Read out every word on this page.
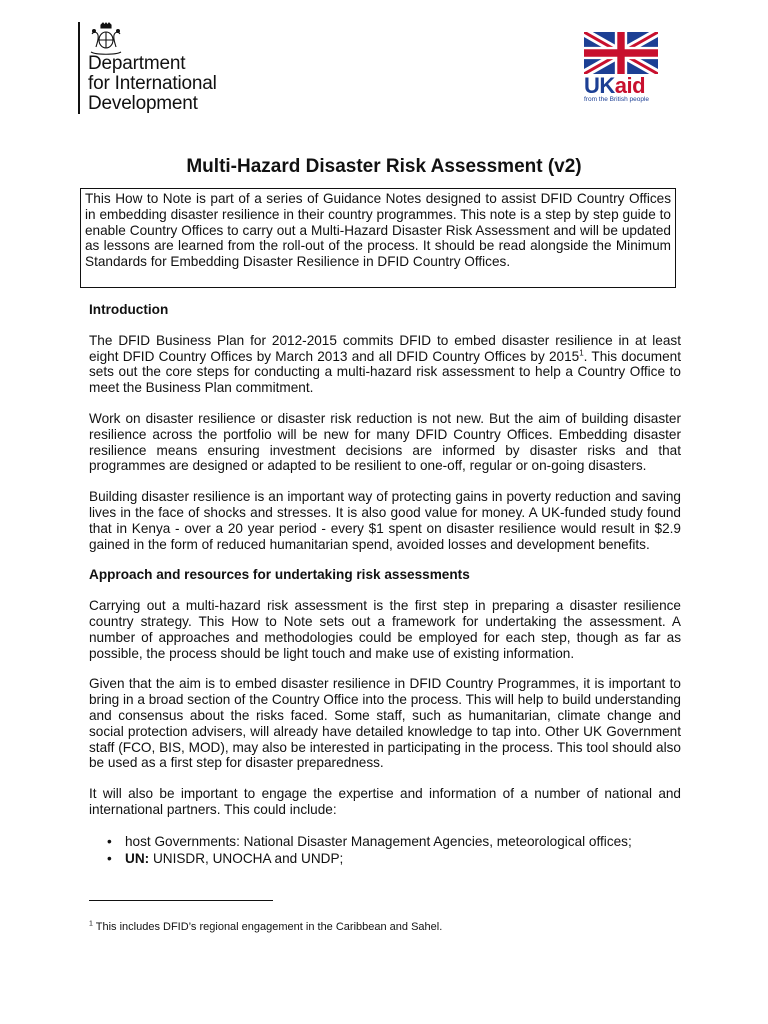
Department
for International
Development
UKaid
from the British people
Multi-Hazard Disaster Risk Assessment (v2)
This How to Note is part of a series of Guidance Notes designed to assist DFID Country Offices in embedding disaster resilience in their country programmes. This note is a step by step guide to enable Country Offices to carry out a Multi-Hazard Disaster Risk Assessment and will be updated as lessons are learned from the roll-out of the process. It should be read alongside the Minimum Standards for Embedding Disaster Resilience in DFID Country Offices.
Introduction

The DFID Business Plan for 2012-2015 commits DFID to embed disaster resilience in at least eight DFID Country Offices by March 2013 and all DFID Country Offices by 2015$^1$. This document sets out the core steps for conducting a multi-hazard risk assessment to help a Country Office to meet the Business Plan commitment.

Work on disaster resilience or disaster risk reduction is not new. But the aim of building disaster resilience across the portfolio will be new for many DFID Country Offices. Embedding disaster resilience means ensuring investment decisions are informed by disaster risks and that programmes are designed or adapted to be resilient to one-off, regular or on-going disasters.

Building disaster resilience is an important way of protecting gains in poverty reduction and saving lives in the face of shocks and stresses. It is also good value for money. A UK-funded study found that in Kenya - over a 20 year period - every $1 spent on disaster resilience would result in $2.9 gained in the form of reduced humanitarian spend, avoided losses and development benefits.

Approach and resources for undertaking risk assessments

Carrying out a multi-hazard risk assessment is the first step in preparing a disaster resilience country strategy. This How to Note sets out a framework for undertaking the assessment. A number of approaches and methodologies could be employed for each step, though as far as possible, the process should be light touch and make use of existing information.

Given that the aim is to embed disaster resilience in DFID Country Programmes, it is important to bring in a broad section of the Country Office into the process. This will help to build understanding and consensus about the risks faced. Some staff, such as humanitarian, climate change and social protection advisers, will already have detailed knowledge to tap into. Other UK Government staff (FCO, BIS, MOD), may also be interested in participating in the process. This tool should also be used as a first step for disaster preparedness.

It will also be important to engage the expertise and information of a number of national and international partners. This could include:

• host Governments: National Disaster Management Agencies, meteorological offices;
• UN: UNISDR, UNOCHA and UNDP;
$^1$ This includes DFID’s regional engagement in the Caribbean and Sahel.
